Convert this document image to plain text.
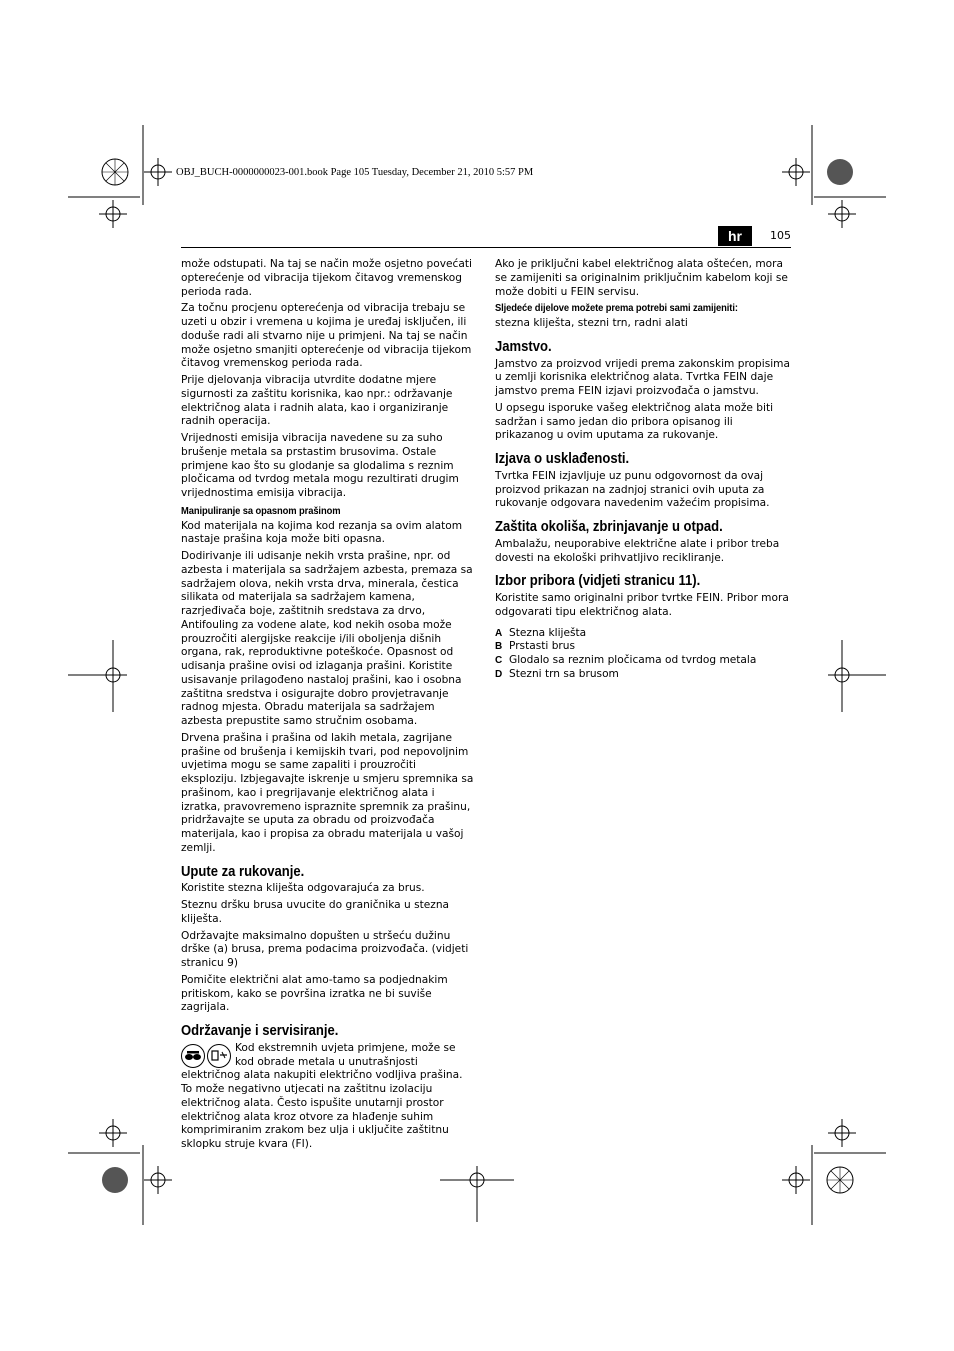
OBJ_BUCH-0000000023-001.book Page 105 Tuesday, December 21, 2010 5:57 PM
hr	105

može odstupati. Na taj se način može osjetno povećati opterećenje od vibracija tijekom čitavog vremenskog perioda rada.

Za točnu procjenu opterećenja od vibracija trebaju se uzeti u obzir i vremena u kojima je uređaj isključen, ili doduše radi ali stvarno nije u primjeni. Na taj se način može osjetno smanjiti opterećenje od vibracija tijekom čitavog vremenskog perioda rada.

Prije djelovanja vibracija utvrdite dodatne mjere sigurnosti za zaštitu korisnika, kao npr.: održavanje električnog alata i radnih alata, kao i organiziranje radnih operacija.

Vrijednosti emisija vibracija navedene su za suho brušenje metala sa prstastim brusovima. Ostale primjene kao što su glodanje sa glodalima s reznim pločicama od tvrdog metala mogu rezultirati drugim vrijednostima emisija vibracija.

Manipuliranje sa opasnom prašinom

Kod materijala na kojima kod rezanja sa ovim alatom nastaje prašina koja može biti opasna.

Dodirivanje ili udisanje nekih vrsta prašine, npr. od azbesta i materijala sa sadržajem azbesta, premaza sa sadržajem olova, nekih vrsta drva, minerala, čestica silikata od materijala sa sadržajem kamena, razrjeđivača boje, zaštitnih sredstava za drvo, Antifouling za vodene alate, kod nekih osoba može prouzročiti alergijske reakcije i/ili oboljenja dišnih organa, rak, reproduktivne poteškoće. Opasnost od udisanja prašine ovisi od izlaganja prašini. Koristite usisavanje prilagođeno nastaloj prašini, kao i osobna zaštitna sredstva i osigurajte dobro provjetravanje radnog mjesta. Obradu materijala sa sadržajem azbesta prepustite samo stručnim osobama.

Drvena prašina i prašina od lakih metala, zagrijane prašine od brušenja i kemijskih tvari, pod nepovoljnim uvjetima mogu se same zapaliti i prouzročiti eksploziju. Izbjegavajte iskrenje u smjeru spremnika sa prašinom, kao i pregrijavanje električnog alata i izratka, pravovremeno ispraznite spremnik za prašinu, pridržavajte se uputa za obradu od proizvođača materijala, kao i propisa za obradu materijala u vašoj zemlji.

Upute za rukovanje.

Koristite stezna kliješta odgovarajuća za brus.

Steznu dršku brusa uvucite do graničnika u stezna kliješta.

Održavajte maksimalno dopušten u stršeću dužinu drške (a) brusa, prema podacima proizvođača. (vidjeti stranicu 9)

Pomičite električni alat amo-tamo sa podjednakim pritiskom, kako se površina izratka ne bi suviše zagrijala.

Održavanje i servisiranje.

Kod ekstremnih uvjeta primjene, može se kod obrade metala u unutrašnjosti električnog alata nakupiti električno vodljiva prašina. To može negativno utjecati na zaštitnu izolaciju električnog alata. Često ispušite unutarnji prostor električnog alata kroz otvore za hlađenje suhim komprimiranim zrakom bez ulja i uključite zaštitnu sklopku struje kvara (FI).

Ako je priključni kabel električnog alata oštećen, mora se zamijeniti sa originalnim priključnim kabelom koji se može dobiti u FEIN servisu.

Sljedeće dijelove možete prema potrebi sami zamijeniti:

stezna kliješta, stezni trn, radni alati

Jamstvo.

Jamstvo za proizvod vrijedi prema zakonskim propisima u zemlji korisnika električnog alata. Tvrtka FEIN daje jamstvo prema FEIN izjavi proizvođača o jamstvu.

U opsegu isporuke vašeg električnog alata može biti sadržan i samo jedan dio pribora opisanog ili prikazanog u ovim uputama za rukovanje.

Izjava o usklađenosti.

Tvrtka FEIN izjavljuje uz punu odgovornost da ovaj proizvod prikazan na zadnjoj stranici ovih uputa za rukovanje odgovara navedenim važećim propisima.

Zaštita okoliša, zbrinjavanje u otpad.

Ambalažu, neuporabive električne alate i pribor treba dovesti na ekološki prihvatljivo recikliranje.

Izbor pribora (vidjeti stranicu 11).

Koristite samo originalni pribor tvrtke FEIN. Pribor mora odgovarati tipu električnog alata.

A Stezna kliješta
B Prstasti brus
C Glodalo sa reznim pločicama od tvrdog metala
D Stezni trn sa brusom
